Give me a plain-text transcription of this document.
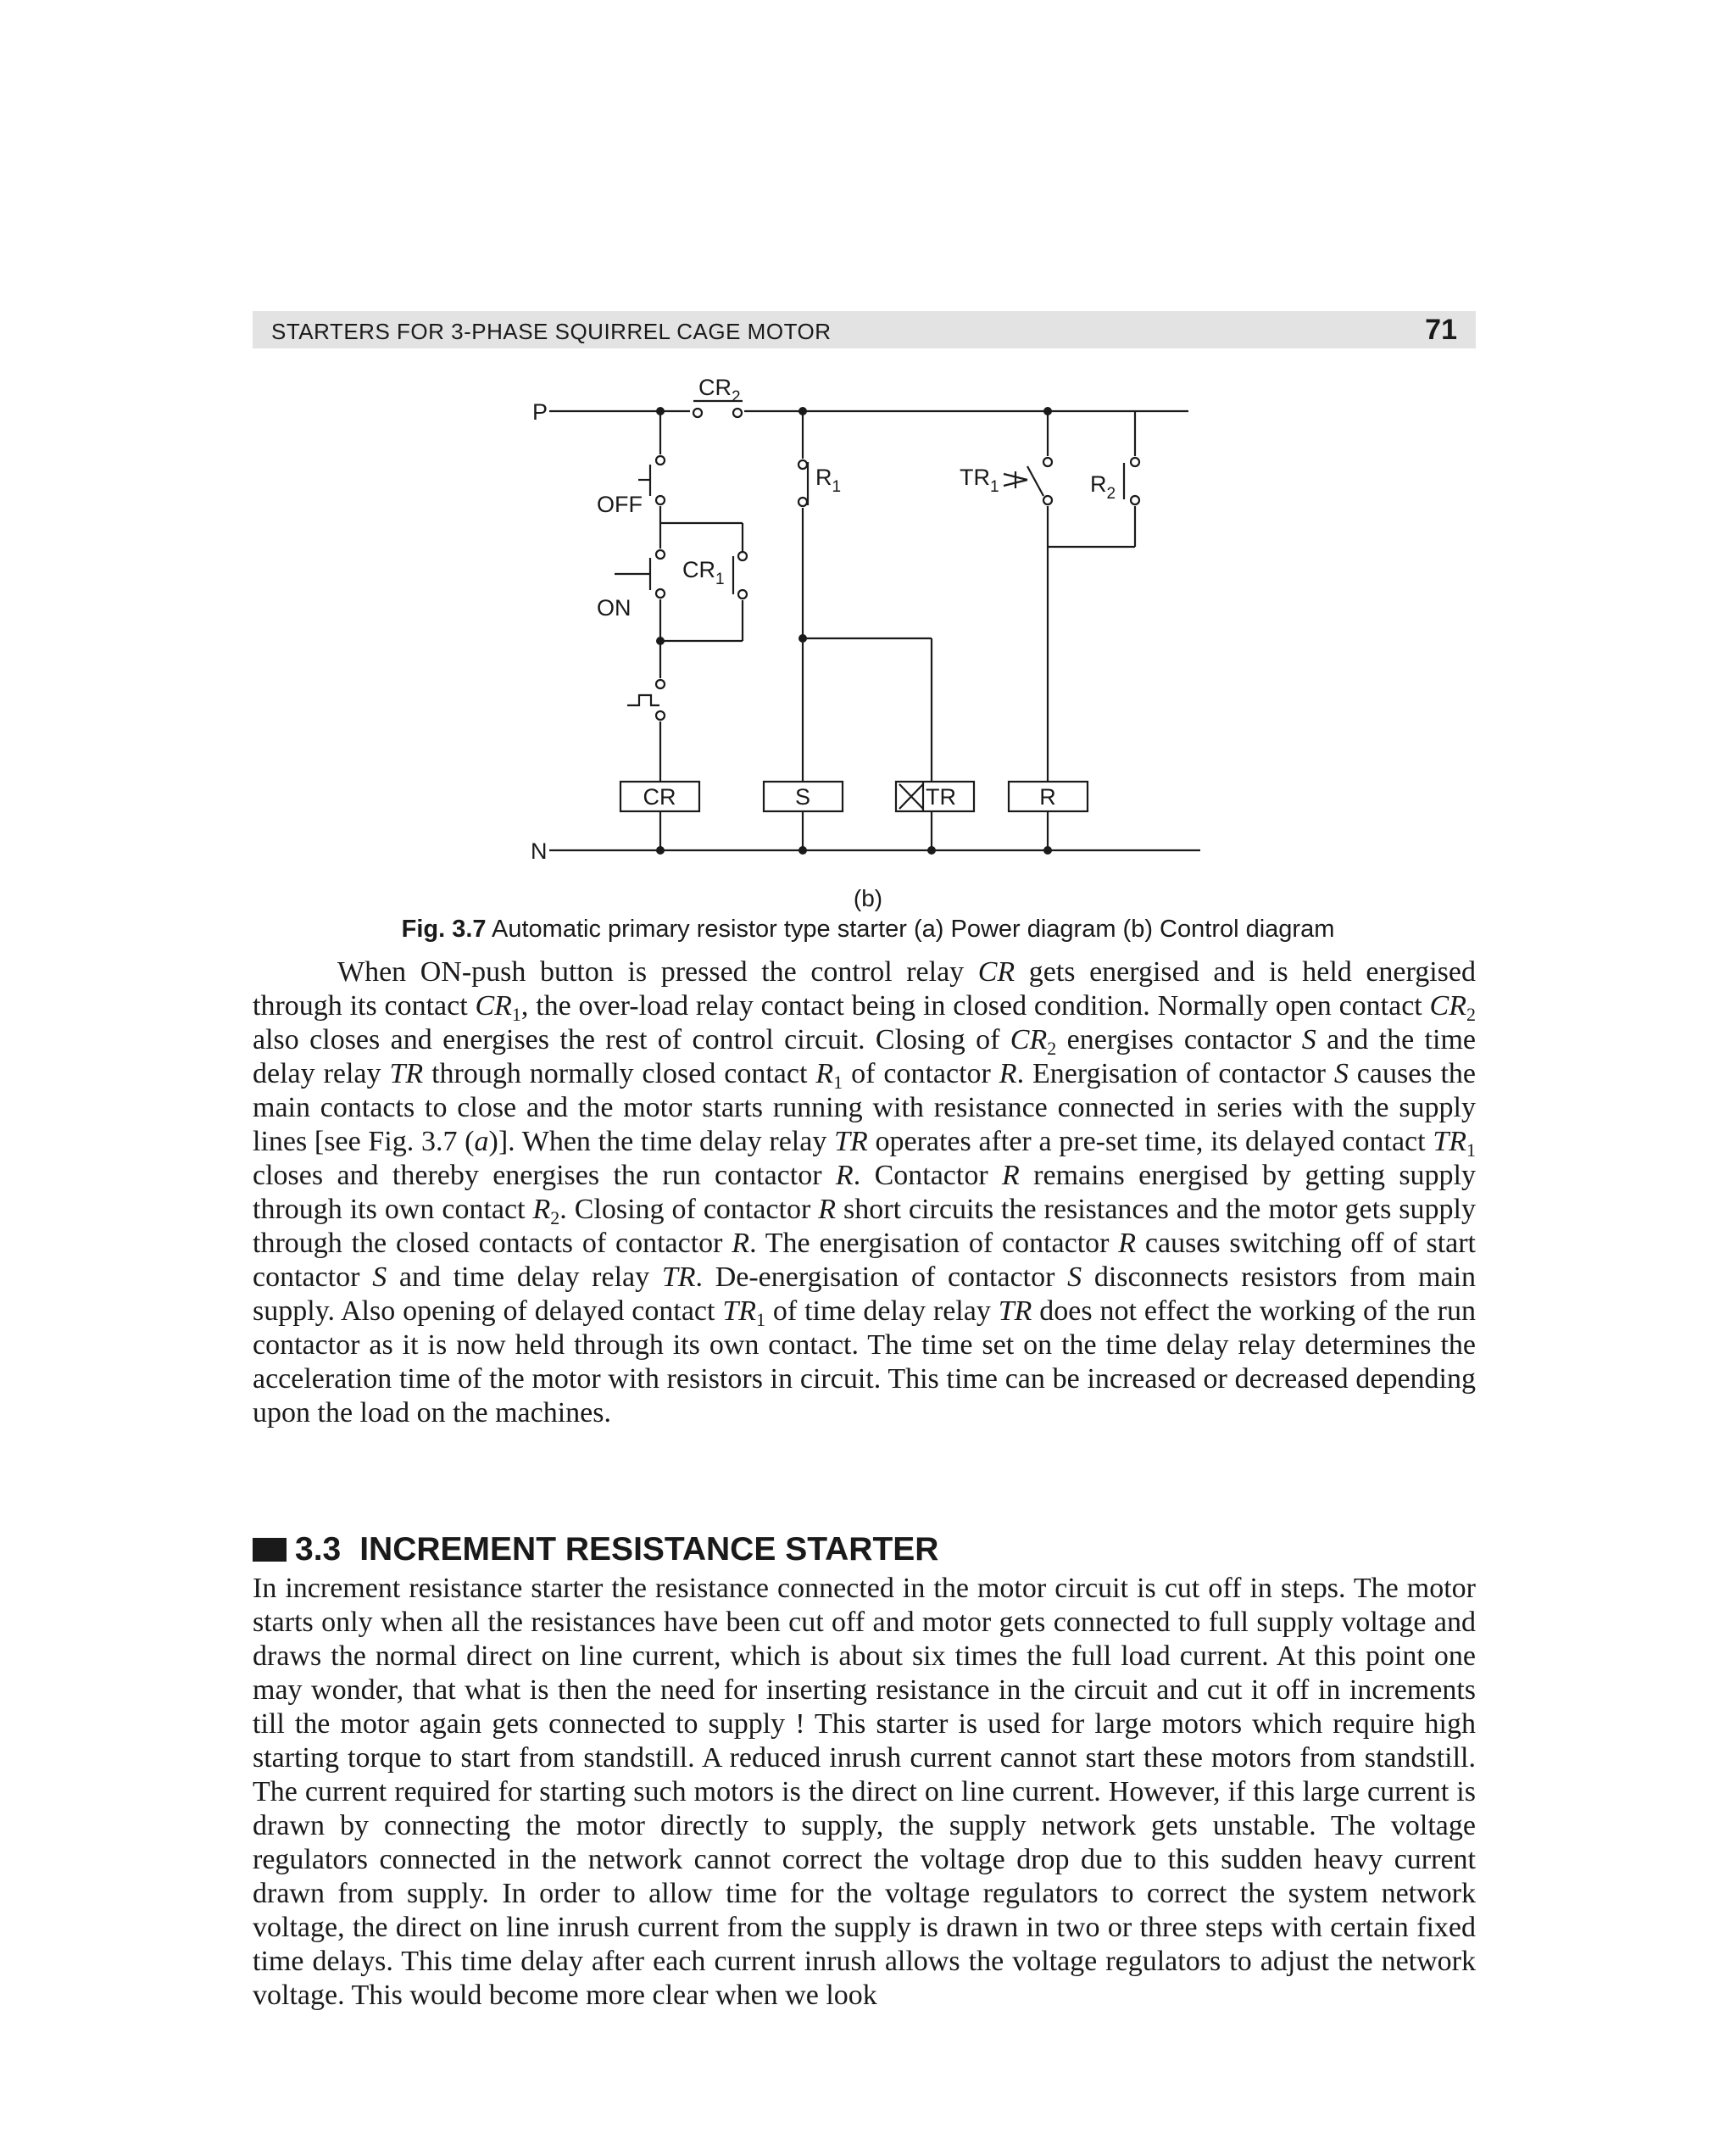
STARTERS FOR 3-PHASE SQUIRREL CAGE MOTOR	71
P
N
OFF
ON
$CR_2$
$CR_1$
$R_1$	$TR_1$	$R_2$
CR	S	TR	R
(b)
Fig. 3.7 Automatic primary resistor type starter (a) Power diagram (b) Control diagram

When ON-push button is pressed the control relay CR gets energised and is held energised through its contact $CR_1$, the over-load relay contact being in closed condition. Normally open contact $CR_2$ also closes and energises the rest of control circuit. Closing of $CR_2$ energises contactor S and the time delay relay TR through normally closed contact $R_1$ of contactor R. Energisation of contactor S causes the main contacts to close and the motor starts running with resistance connected in series with the supply lines [see Fig. 3.7 (a)]. When the time delay relay TR operates after a pre-set time, its delayed contact $TR_1$ closes and thereby energises the run contactor R. Contactor R remains energised by getting supply through its own contact $R_2$. Closing of contactor R short circuits the resistances and the motor gets supply through the closed contacts of contactor R. The energisation of contactor R causes switching off of start contactor S and time delay relay TR. De-energisation of contactor S disconnects resistors from main supply. Also opening of delayed contact $TR_1$ of time delay relay TR does not effect the working of the run contactor as it is now held through its own contact. The time set on the time delay relay determines the acceleration time of the motor with resistors in circuit. This time can be increased or decreased depending upon the load on the machines.

3.3 INCREMENT RESISTANCE STARTER

In increment resistance starter the resistance connected in the motor circuit is cut off in steps. The motor starts only when all the resistances have been cut off and motor gets connected to full supply voltage and draws the normal direct on line current, which is about six times the full load current. At this point one may wonder, that what is then the need for inserting resistance in the circuit and cut it off in increments till the motor again gets connected to supply ! This starter is used for large motors which require high starting torque to start from standstill. A reduced inrush current cannot start these motors from standstill. The current required for starting such motors is the direct on line current. However, if this large current is drawn by connecting the motor directly to supply, the supply network gets unstable. The voltage regulators connected in the network cannot correct the voltage drop due to this sudden heavy current drawn from supply. In order to allow time for the voltage regulators to correct the system network voltage, the direct on line inrush current from the supply is drawn in two or three steps with certain fixed time delays. This time delay after each current inrush allows the voltage regulators to adjust the network voltage. This would become more clear when we look
